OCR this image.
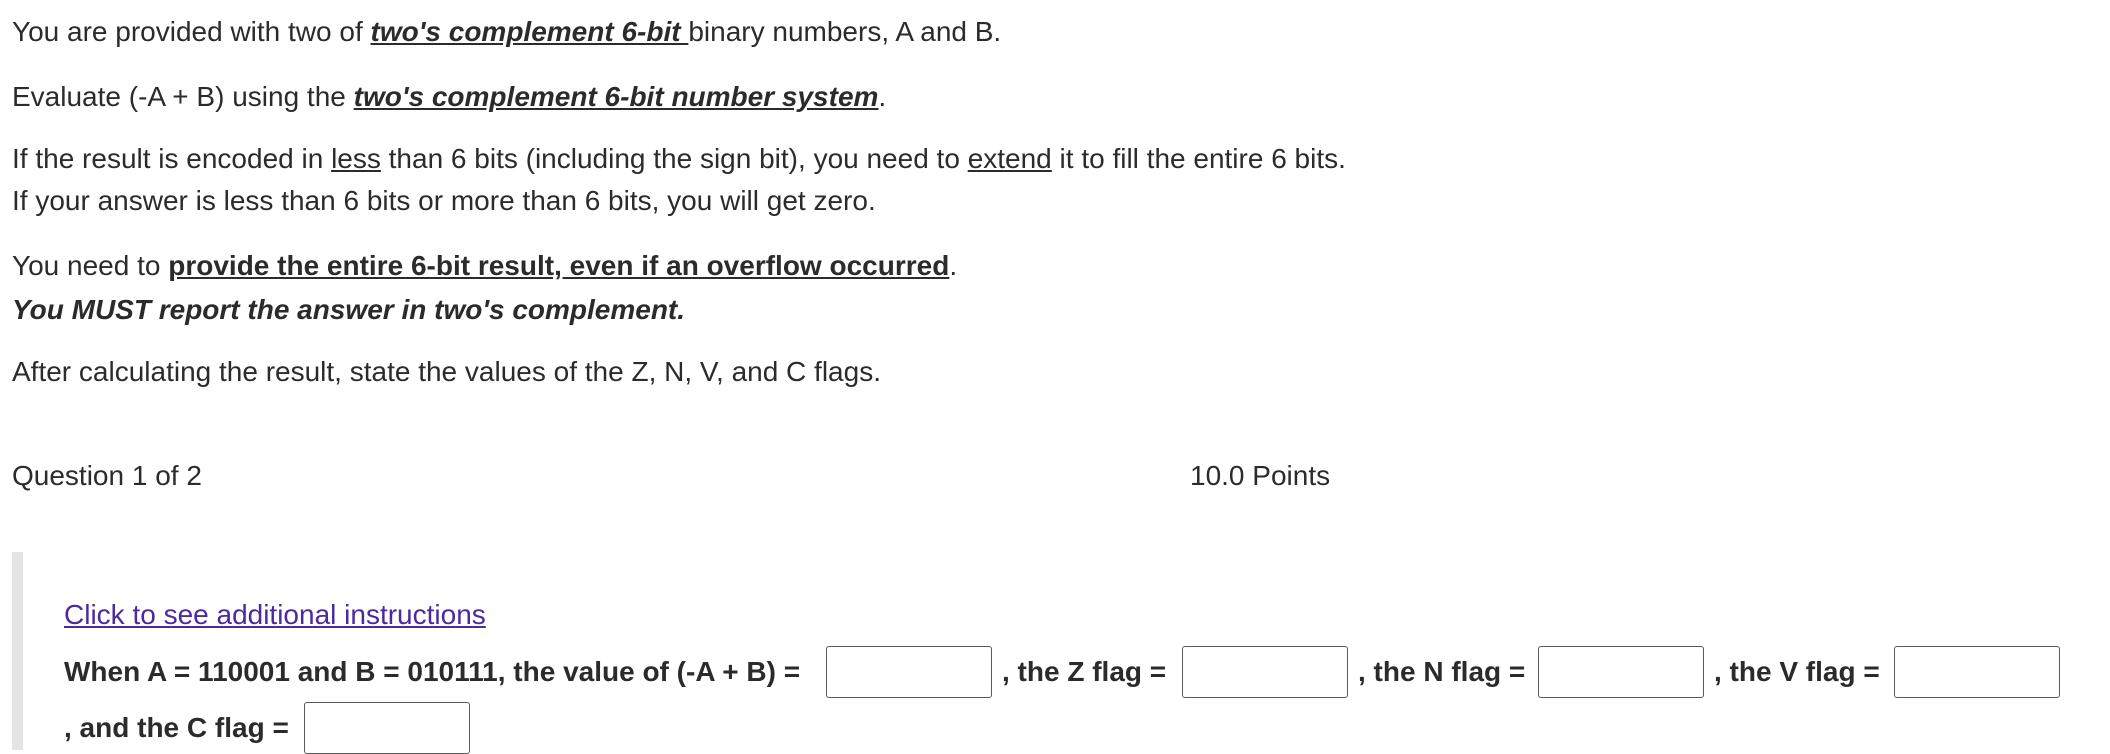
You are provided with two of two's complement 6-bit binary numbers, A and B.
Evaluate (-A + B) using the two's complement 6-bit number system.
If the result is encoded in less than 6 bits (including the sign bit), you need to extend it to fill the entire 6 bits.
If your answer is less than 6 bits or more than 6 bits, you will get zero.
You need to provide the entire 6-bit result, even if an overflow occurred.
You MUST report the answer in two's complement.
After calculating the result, state the values of the Z, N, V, and C flags.
Question 1 of 2	10.0 Points
Click to see additional instructions
When A = 110001 and B = 010111, the value of (-A + B) =	, the Z flag =	, the N flag =	, the V flag =
, and the C flag =
